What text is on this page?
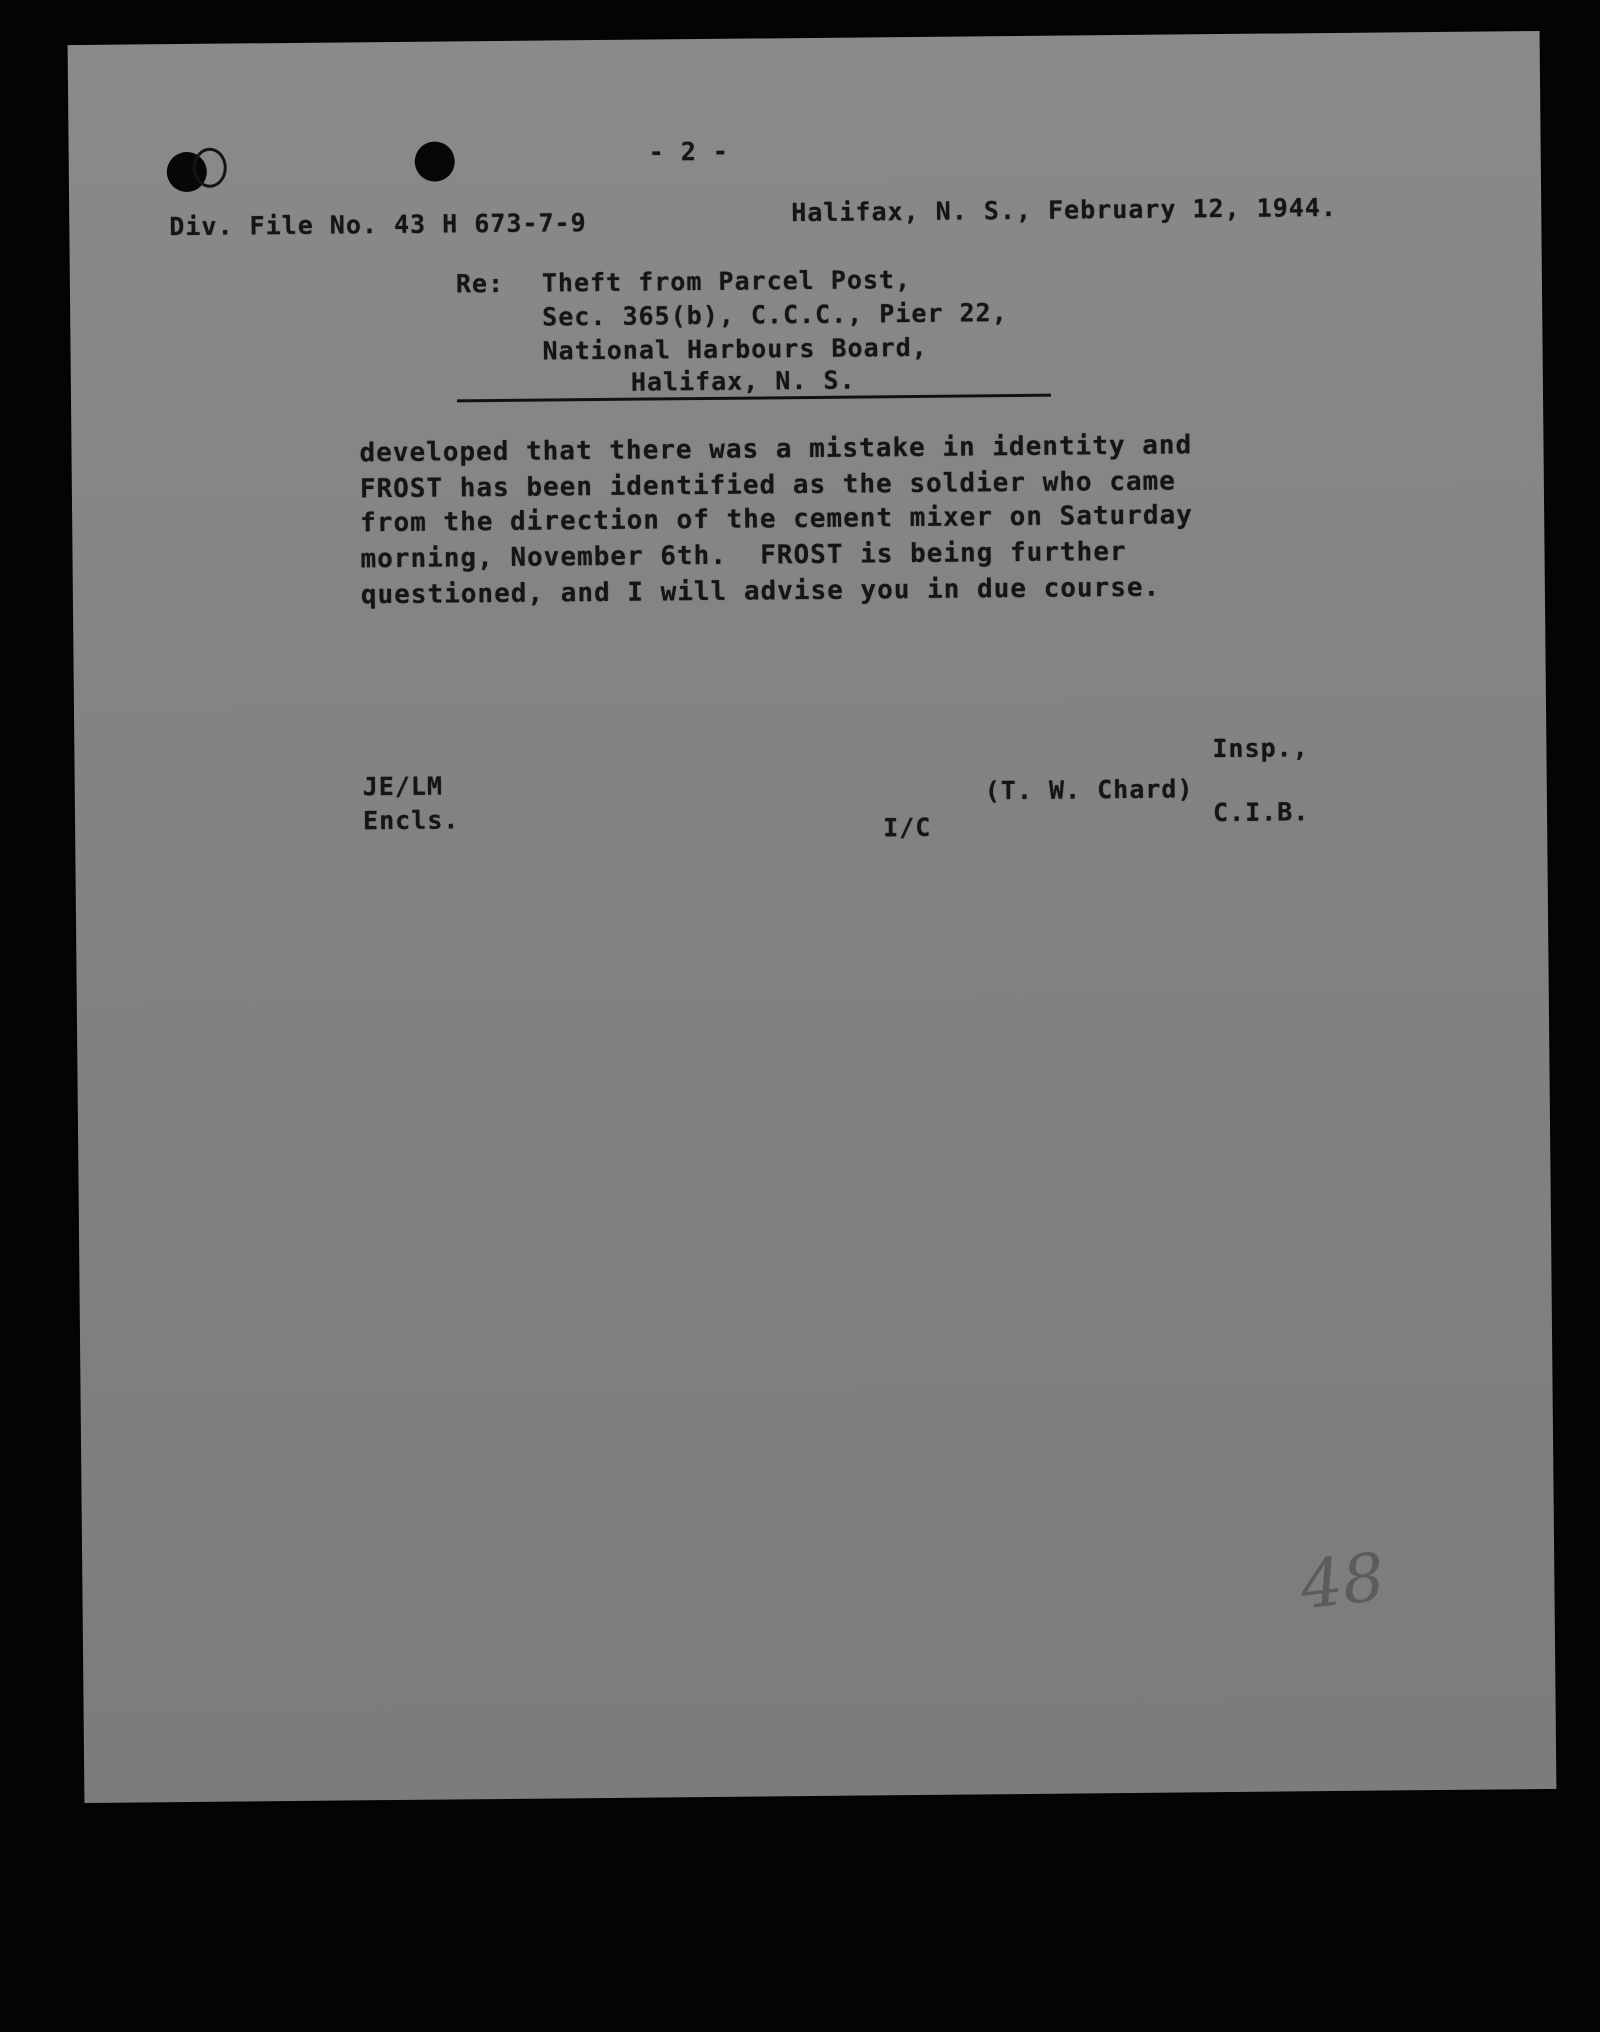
- 2 -
Div. File No. 43 H 673-7-9	Halifax, N. S., February 12, 1944.
Re: Theft from Parcel Post,
Sec. 365(b), C.C.C., Pier 22,
National Harbours Board,
Halifax, N. S.
developed that there was a mistake in identity and
FROST has been identified as the soldier who came
from the direction of the cement mixer on Saturday
morning, November 6th.  FROST is being further
questioned, and I will advise you in due course.
JE/LM
Encls.	I/C
(T. W. Chard)
Insp.,
C.I.B.
48
